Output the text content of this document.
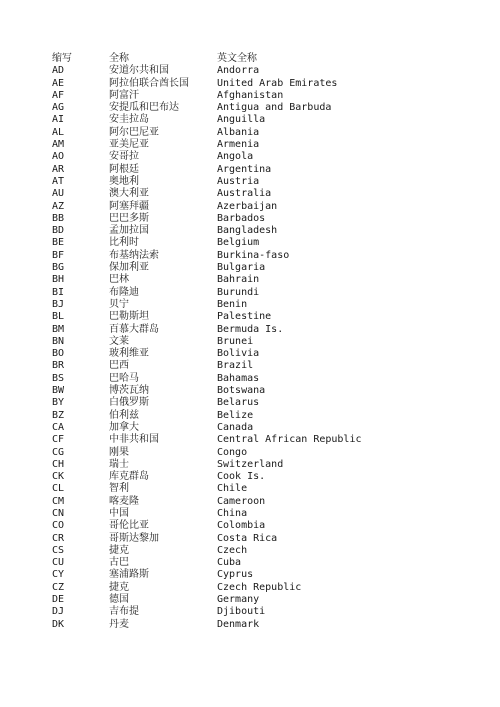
缩写	全称	英文全称
AD	安道尔共和国	Andorra
AE	阿拉伯联合酋长国	United Arab Emirates
AF	阿富汗	Afghanistan
AG	安提瓜和巴布达	Antigua and Barbuda
AI	安圭拉岛	Anguilla
AL	阿尔巴尼亚	Albania
AM	亚美尼亚	Armenia
AO	安哥拉	Angola
AR	阿根廷	Argentina
AT	奥地利	Austria
AU	澳大利亚	Australia
AZ	阿塞拜疆	Azerbaijan
BB	巴巴多斯	Barbados
BD	孟加拉国	Bangladesh
BE	比利时	Belgium
BF	布基纳法索	Burkina-faso
BG	保加利亚	Bulgaria
BH	巴林	Bahrain
BI	布隆迪	Burundi
BJ	贝宁	Benin
BL	巴勒斯坦	Palestine
BM	百慕大群岛	Bermuda Is.
BN	文莱	Brunei
BO	玻利维亚	Bolivia
BR	巴西	Brazil
BS	巴哈马	Bahamas
BW	博茨瓦纳	Botswana
BY	白俄罗斯	Belarus
BZ	伯利兹	Belize
CA	加拿大	Canada
CF	中非共和国	Central African Republic
CG	刚果	Congo
CH	瑞士	Switzerland
CK	库克群岛	Cook Is.
CL	智利	Chile
CM	喀麦隆	Cameroon
CN	中国	China
CO	哥伦比亚	Colombia
CR	哥斯达黎加	Costa Rica
CS	捷克	Czech
CU	古巴	Cuba
CY	塞浦路斯	Cyprus
CZ	捷克	Czech Republic
DE	德国	Germany
DJ	吉布提	Djibouti
DK	丹麦	Denmark
